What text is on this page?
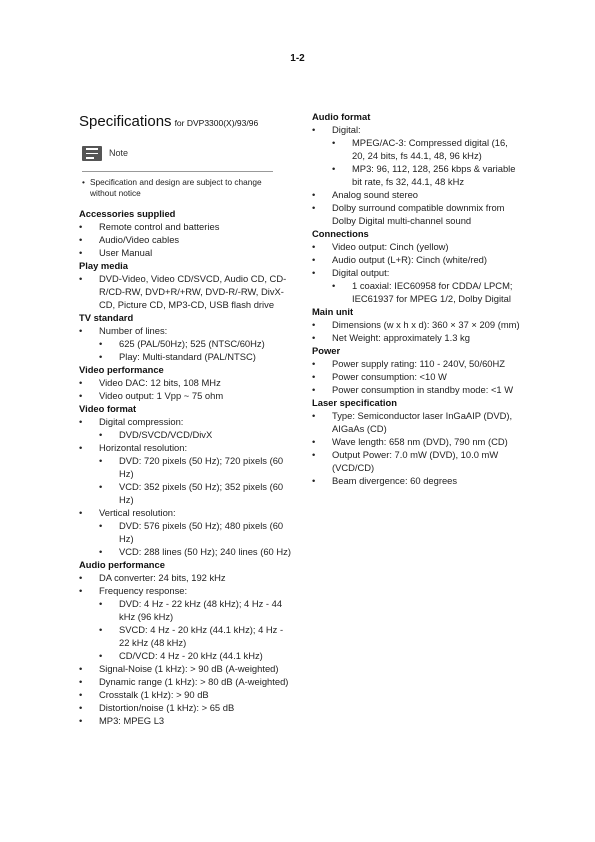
1-2
Specifications for DVP3300(X)/93/96
Note
• Specification and design are subject to change without notice
Accessories supplied
•	Remote control and batteries
•	Audio/Video cables
•	User Manual
Play media
•	DVD-Video, Video CD/SVCD, Audio CD, CD-R/CD-RW, DVD+R/+RW, DVD-R/-RW, DivX-CD, Picture CD, MP3-CD, USB flash drive
TV standard
•	Number of lines:
•	625 (PAL/50Hz); 525 (NTSC/60Hz)
•	Play: Multi-standard (PAL/NTSC)
Video performance
•	Video DAC: 12 bits, 108 MHz
•	Video output: 1 Vpp ~ 75 ohm
Video format
•	Digital compression:
•	DVD/SVCD/VCD/DivX
•	Horizontal resolution:
•	DVD: 720 pixels (50 Hz); 720 pixels (60 Hz)
•	VCD: 352 pixels (50 Hz); 352 pixels (60 Hz)
•	Vertical resolution:
•	DVD: 576 pixels (50 Hz); 480 pixels (60 Hz)
•	VCD: 288 lines (50 Hz); 240 lines (60 Hz)
Audio performance
•	DA converter: 24 bits, 192 kHz
•	Frequency response:
•	DVD: 4 Hz - 22 kHz (48 kHz); 4 Hz - 44 kHz (96 kHz)
•	SVCD: 4 Hz - 20 kHz (44.1 kHz); 4 Hz - 22 kHz (48 kHz)
•	CD/VCD: 4 Hz - 20 kHz (44.1 kHz)
•	Signal-Noise (1 kHz): > 90 dB (A-weighted)
•	Dynamic range (1 kHz): > 80 dB (A-weighted)
•	Crosstalk (1 kHz): > 90 dB
•	Distortion/noise (1 kHz): > 65 dB
•	MP3: MPEG L3
Audio format
•	Digital:
•	MPEG/AC-3: Compressed digital (16, 20, 24 bits, fs 44.1, 48, 96 kHz)
•	MP3: 96, 112, 128, 256 kbps & variable bit rate, fs 32, 44.1, 48 kHz
•	Analog sound stereo
•	Dolby surround compatible downmix from Dolby Digital multi-channel sound
Connections
•	Video output: Cinch (yellow)
•	Audio output (L+R): Cinch (white/red)
•	Digital output:
•	1 coaxial: IEC60958 for CDDA/ LPCM; IEC61937 for MPEG 1/2, Dolby Digital
Main unit
•	Dimensions (w x h x d): 360 × 37 × 209 (mm)
•	Net Weight: approximately 1.3 kg
Power
•	Power supply rating: 110 - 240V, 50/60HZ
•	Power consumption: <10 W
•	Power consumption in standby mode: <1 W
Laser specification
•	Type: Semiconductor laser InGaAIP (DVD), AIGaAs (CD)
•	Wave length: 658 nm (DVD), 790 nm (CD)
•	Output Power: 7.0 mW (DVD), 10.0 mW (VCD/CD)
•	Beam divergence: 60 degrees
